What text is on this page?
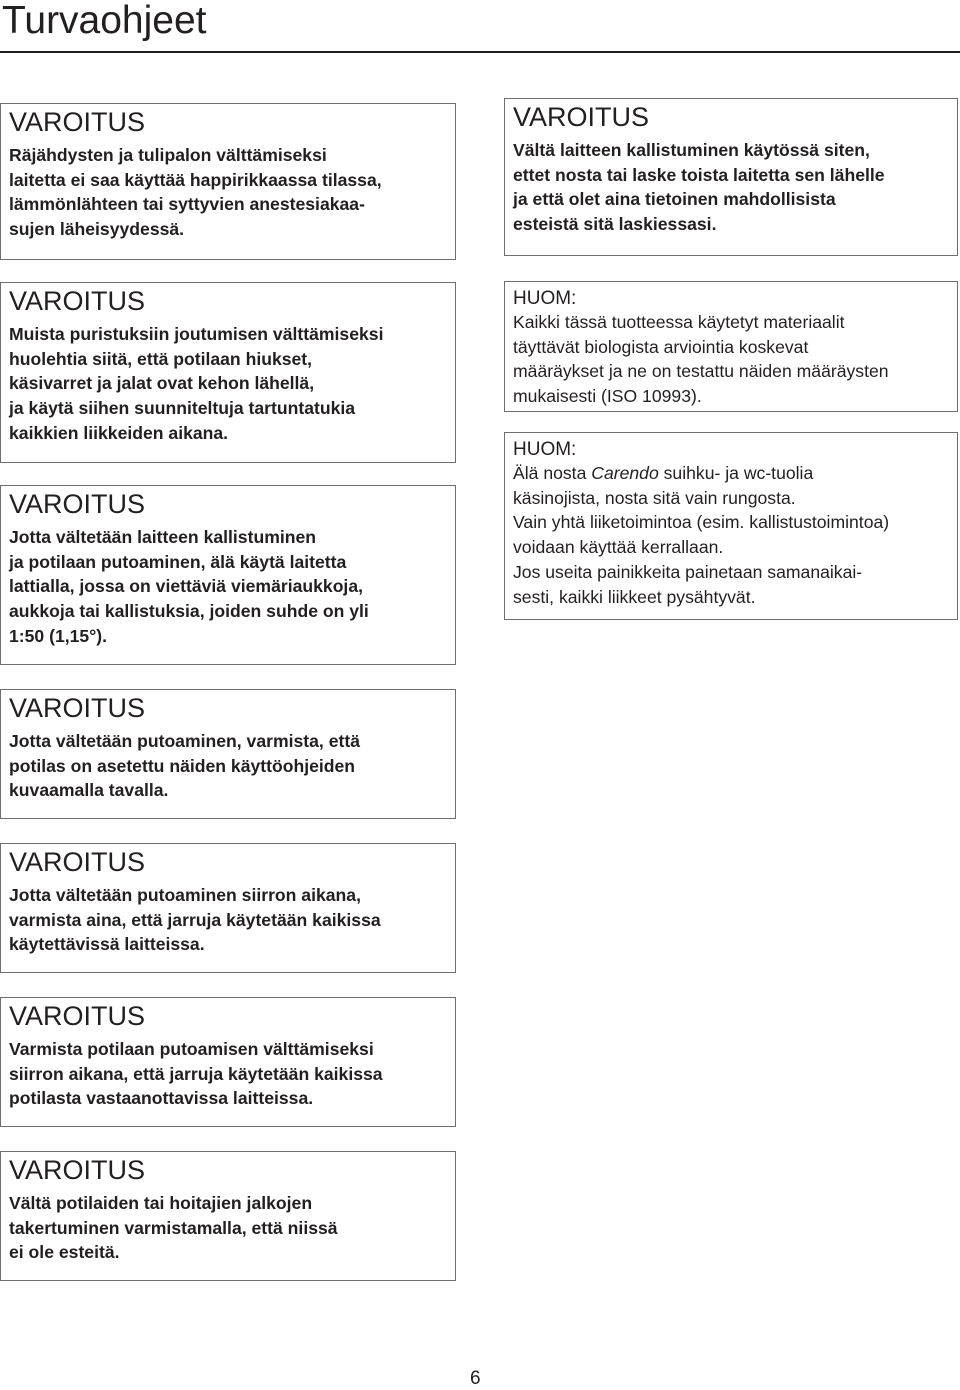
Turvaohjeet
VAROITUS

Räjähdysten ja tulipalon välttämiseksi
laitetta ei saa käyttää happirikkaassa tilassa,
lämmönlähteen tai syttyvien anestesiakaa-
sujen läheisyydessä.

VAROITUS

Muista puristuksiin joutumisen välttämiseksi
huolehtia siitä, että potilaan hiukset,
käsivarret ja jalat ovat kehon lähellä,
ja käytä siihen suunniteltuja tartuntatukia
kaikkien liikkeiden aikana.

VAROITUS

Jotta vältetään laitteen kallistuminen
ja potilaan putoaminen, älä käytä laitetta
lattialla, jossa on viettäviä viemäriaukkoja,
aukkoja tai kallistuksia, joiden suhde on yli
1:50 (1,15°).

VAROITUS

Jotta vältetään putoaminen, varmista, että
potilas on asetettu näiden käyttöohjeiden
kuvaamalla tavalla.

VAROITUS

Jotta vältetään putoaminen siirron aikana,
varmista aina, että jarruja käytetään kaikissa
käytettävissä laitteissa.

VAROITUS

Varmista potilaan putoamisen välttämiseksi
siirron aikana, että jarruja käytetään kaikissa
potilasta vastaanottavissa laitteissa.

VAROITUS

Vältä potilaiden tai hoitajien jalkojen
takertuminen varmistamalla, että niissä
ei ole esteitä.

VAROITUS

Vältä laitteen kallistuminen käytössä siten,
ettet nosta tai laske toista laitetta sen lähelle
ja että olet aina tietoinen mahdollisista
esteistä sitä laskiessasi.

HUOM:

Kaikki tässä tuotteessa käytetyt materiaalit
täyttävät biologista arviointia koskevat
määräykset ja ne on testattu näiden määräysten
mukaisesti (ISO 10993).

HUOM:

Älä nosta Carendo suihku- ja wc-tuolia
käsinojista, nosta sitä vain rungosta.
Vain yhtä liiketoimintoa (esim. kallistustoimintoa)
voidaan käyttää kerrallaan.
Jos useita painikkeita painetaan samanaikai-
sesti, kaikki liikkeet pysähtyvät.

6
